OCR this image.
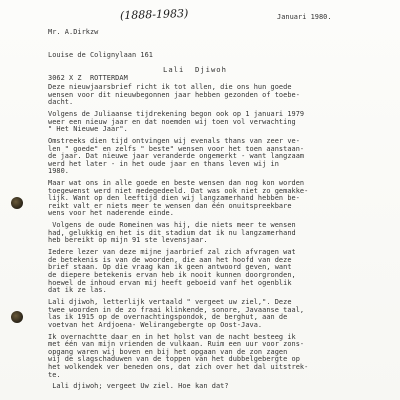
Mr. A.Dirkzw

Louise de Colignylaan 161

3062 X Z  ROTTERDAM

(1888-1983)	Januari 1980.
Lali  Djiwoh
Deze nieuwjaarsbrief richt ik tot allen, die ons hun goede
wensen voor dit nieuwbegonnen jaar hebben gezonden of toebe-
dacht.
Volgens de Juliaanse tijdrekening begon ook op 1 januari 1979
weer een nieuw jaar en dat noemden wij toen vol verwachting
" Het Nieuwe Jaar".
Omstreeks dien tijd ontvingen wij evenals thans van zeer ve-
len " goede" en zelfs " beste" wensen voor het toen aanstaan-
de jaar. Dat nieuwe jaar veranderde ongemerkt - want langzaam
werd het later - in het oude jaar en thans leven wij in
1980.
Maar wat ons in alle goede en beste wensen dan nog kon worden
toegewenst werd niet medegedeeld. Dat was ook niet zo gemakke-
lijk. Want op den leeftijd dien wij langzamerhand hebben be-
reikt valt er niets meer te wensen dan één onuitspreekbare
wens voor het naderende einde.
Volgens de oude Romeinen was hij, die niets meer te wensen
had, gelukkig en het is dit stadium dat ik nu langzamerhand
heb bereikt op mijn 91 ste levensjaar.
Iedere lezer van deze mijne jaarbrief zal zich afvragen wat
de betekenis is van de woorden, die aan het hoofd van deze
brief staan. Op die vraag kan ik geen antwoord geven, want
de diepere betekenis ervan heb ik nooit kunnen doorgronden,
hoewel de inhoud ervan mij heeft geboeid vanf het ogenblik
dat ik ze las.
Lali djiwoh, letterlijk vertaald " vergeet uw ziel,". Deze
twee woorden in de zo fraai klinkende, sonore, Javaanse taal,
las ik 1915 op de overnachtingspondok, de berghut, aan de
voetvan het Ardjoena- Welirangebergte op Oost-Java.
Ik overnachtte daar en in het holst van de nacht besteeg ik
met één van mijn vrienden de vulkaan. Ruim een uur voor zons-
opgang waren wij boven en bij het opgaan van de zon zagen
wij de slagschaduwen van de toppen van het dubbelgebergte op
het wolkendek ver beneden ons, dat zich over het dal uitstrek-
te.
Lali djiwoh; vergeet Uw ziel. Hoe kan dat?
